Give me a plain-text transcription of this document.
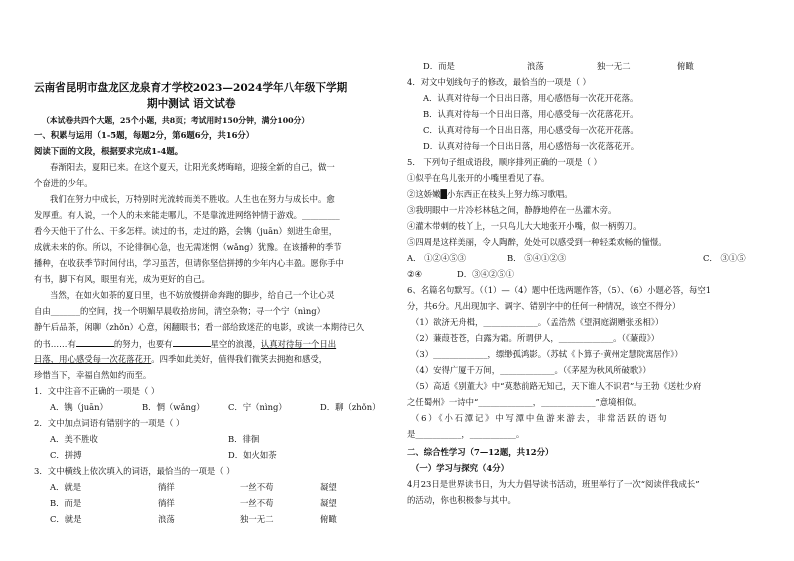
云南省昆明市盘龙区龙泉育才学校2023—2024学年八年级下学期
期中测试 语文试卷
（本试卷共四个大题，25个小题，共8页；考试用时150分钟，满分100分）
一、积累与运用（1-5题，每题2分，第6题6分，共16分）
阅读下面的文段，根据要求完成1-4题。
春渐阳去，夏阳已来。在这个夏天，让阳光炙烤晦暗，迎接全新的自己，做一
个奋进的少年。
我们在努力中成长，万特别时光流转而美不胜收。人生也在努力与成长中。愈
发厚重。有人说，一个人的未来能走哪儿，不是靠流进网络钟情于游戏。_________
看今天他干了什么、干多怎样。读过的书，走过的路，会镌（juān）刻进生命里，
成就未来的你。所以，不论徘徊心急，也无需迷惘（wǎng）犹豫。在该播种的季节
播种，在收获季节时间付出，学习虽苦，但请你坚信拼搏的少年内心丰盈。愿你手中
有书，脚下有风，眼里有光，成为更好的自己。
当然，在如火如荼的夏日里，也不妨放慢拼命奔跑的脚步，给自己一个让心灵
自由_______的空间，找一个明媚早晨收拾房间，清空杂物；寻一个宁（nìng）
静午后品茶，闲聊（zhǒn）心意，闲翻眼书；看一部给致迷茫的电影，或读一本期待已久
的书……有	的努力，也要有	星空的浪漫，认真对待每一个日出
日落，用心感受每一次花落花开。四季如此美好，值得我们微笑去拥抱和感受，
珍惜当下，幸福自然如约而至。
1．文中注音不正确的一项是（ ）
A．镌（juān）	B．惘（wǎng）	C．宁（nìng）	D．聊（zhǒn）
2．文中加点词语有错别字的一项是（ ）
A．美不胜收	B．徘徊
C．拼搏	D．如火如荼
3．文中横线上依次填入的词语，最恰当的一项是（ ）
A．就是	徜徉	一丝不苟	凝望
B．而是	徜徉	一丝不苟	凝望
C．就是	浪荡	独一无二	俯瞰
D．而是	浪荡	独一无二	俯瞰
4．对文中划线句子的修改，最恰当的一项是（ ）
A．认真对待每一个日出日落，用心感悟每一次花开花落。
B．认真对待每一个日出日落，用心感受每一次花落花开。
C．认真对待每一个日出日落，用心感受每一次花开花落。
D．认真对待每一个日出日落，用心感悟每一次花落花开。
5． 下列句子组成语段，顺序排列正确的一项是（ ）
①似乎在鸟儿张开的小嘴里看见了春。
②这娇嫩█小东西正在枝头上努力练习歌唱。
③我明眼中一片冷杉林毡之间，静静地停在一丛灌木旁。
④灌木带刺的枝丫上，一只鸟儿大大地张开小嘴，似一柄剪刀。
⑤四周是这样美丽，令人陶醉，处处可以感受到一种轻柔欢畅的憧憬。
A． ①②④⑤③	B． ⑤④①②③	C． ③①⑤
②④	D．③④②⑤①
6、名篇名句默写。（（1）—（4）题中任选两题作答，（5）、（6）小题必答，每空1
分，共6分。凡出现加字、调字、错别字中的任何一种情况，该空不得分）
（1）欲济无舟楫，_____________。（孟浩然《望洞庭湖赠张丞相》）
（2）蒹葭苍苍，白露为霜。所谓伊人，_____________。（《蒹葭》）
（3）_____________，缥缈孤鸿影。（苏轼《卜算子·黄州定慧院寓居作》）
（4）安得广厦千万间，_____________。（《茅屋为秋风所破歌》）
（5）高适《别董大》中“莫愁前路无知己，天下谁人不识君”与王勃《送杜少府
之任蜀州》一诗中“_____________，_____________”意境相似。
（6）《小石潭记》中写潭中鱼游来游去，非常活跃的语句
是___________，___________。
二、综合性学习（7—12题，共12分）
（一）学习与探究（4分）
4月23日是世界读书日，为大力倡导读书活动，班里举行了一次“阅读伴我成长”
的活动，你也积极参与其中。
